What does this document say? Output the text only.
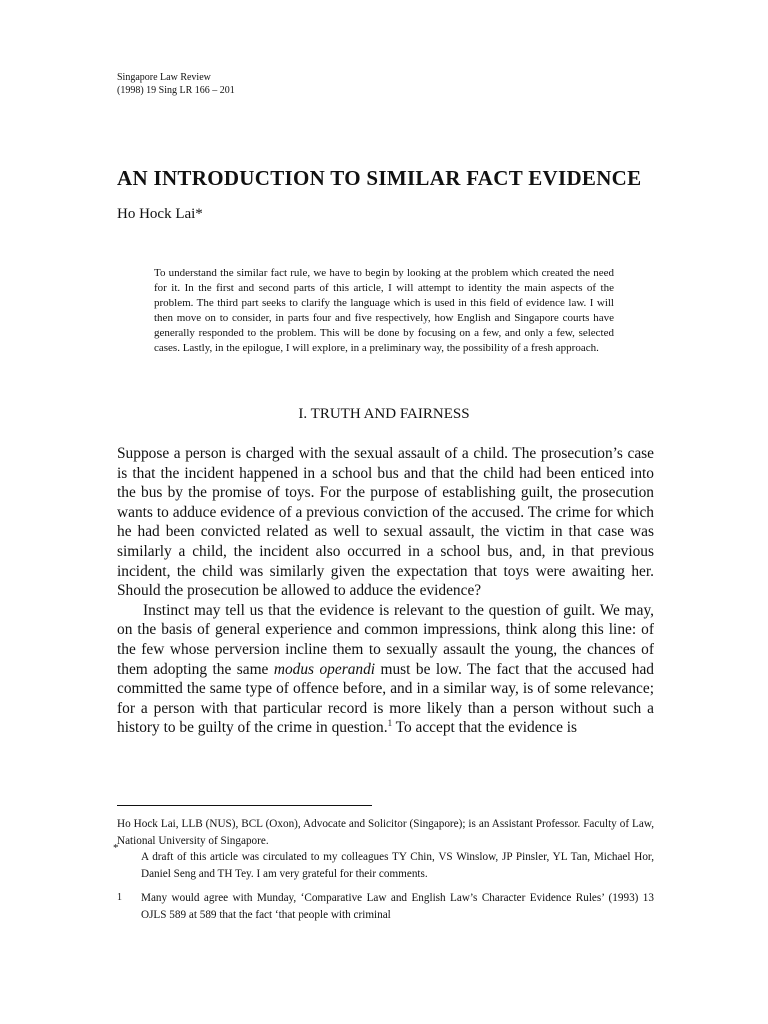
Singapore Law Review
(1998) 19 Sing LR 166 – 201
AN INTRODUCTION TO SIMILAR FACT EVIDENCE
Ho Hock Lai*
To understand the similar fact rule, we have to begin by looking at the problem which created the need for it. In the first and second parts of this article, I will attempt to identity the main aspects of the problem. The third part seeks to clarify the language which is used in this field of evidence law. I will then move on to consider, in parts four and five respectively, how English and Singapore courts have generally responded to the problem. This will be done by focusing on a few, and only a few, selected cases. Lastly, in the epilogue, I will explore, in a preliminary way, the possibility of a fresh approach.
I. TRUTH AND FAIRNESS

Suppose a person is charged with the sexual assault of a child. The prosecution’s case is that the incident happened in a school bus and that the child had been enticed into the bus by the promise of toys. For the purpose of establishing guilt, the prosecution wants to adduce evidence of a previous conviction of the accused. The crime for which he had been convicted related as well to sexual assault, the victim in that case was similarly a child, the incident also occurred in a school bus, and, in that previous incident, the child was similarly given the expectation that toys were awaiting her. Should the prosecution be allowed to adduce the evidence?

Instinct may tell us that the evidence is relevant to the question of guilt. We may, on the basis of general experience and common impressions, think along this line: of the few whose perversion incline them to sexually assault the young, the chances of them adopting the same modus operandi must be low. The fact that the accused had committed the same type of offence before, and in a similar way, is of some relevance; for a person with that particular record is more likely than a person without such a history to be guilty of the crime in question.$^1$ To accept that the evidence is

*

Ho Hock Lai, LLB (NUS), BCL (Oxon), Advocate and Solicitor (Singapore); is an Assistant Professor. Faculty of Law, National University of Singapore.

A draft of this article was circulated to my colleagues TY Chin, VS Winslow, JP Pinsler, YL Tan, Michael Hor, Daniel Seng and TH Tey. I am very grateful for their comments.

1 Many would agree with Munday, ‘Comparative Law and English Law’s Character Evidence Rules’ (1993) 13 OJLS 589 at 589 that the fact ‘that people with criminal
